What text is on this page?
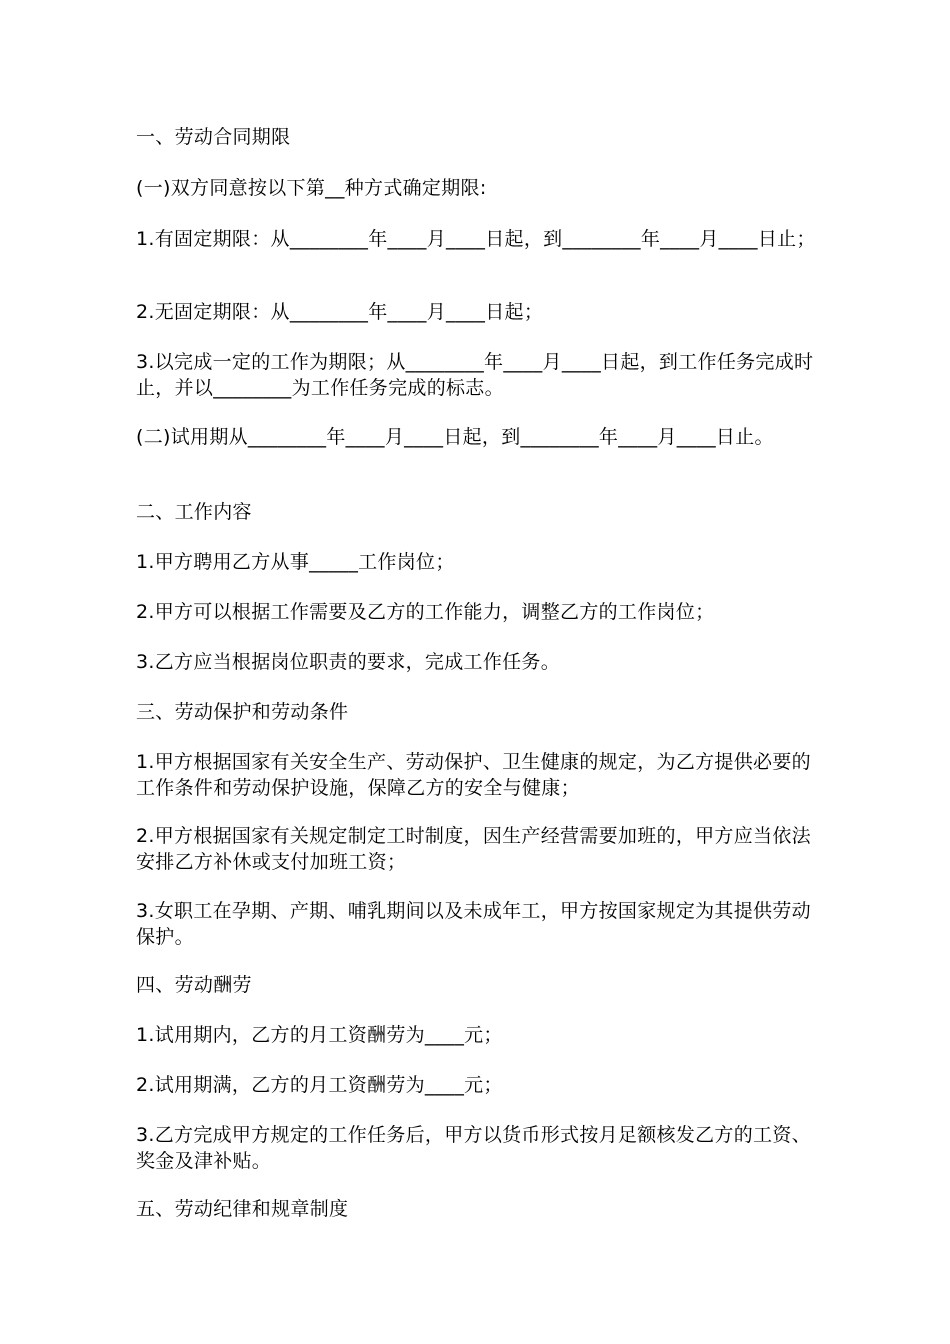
一、劳动合同期限

(一)双方同意按以下第__种方式确定期限:

1.有固定期限：从________年____月____日起，到________年____月____日止；

2.无固定期限：从________年____月____日起；

3.以完成一定的工作为期限；从________年____月____日起，到工作任务完成时止，并以________为工作任务完成的标志。

(二)试用期从________年____月____日起，到________年____月____日止。

二、工作内容

1.甲方聘用乙方从事_____工作岗位；

2.甲方可以根据工作需要及乙方的工作能力，调整乙方的工作岗位；

3.乙方应当根据岗位职责的要求，完成工作任务。

三、劳动保护和劳动条件

1.甲方根据国家有关安全生产、劳动保护、卫生健康的规定，为乙方提供必要的工作条件和劳动保护设施，保障乙方的安全与健康；

2.甲方根据国家有关规定制定工时制度，因生产经营需要加班的，甲方应当依法安排乙方补休或支付加班工资；

3.女职工在孕期、产期、哺乳期间以及未成年工，甲方按国家规定为其提供劳动保护。

四、劳动酬劳

1.试用期内，乙方的月工资酬劳为____元；

2.试用期满，乙方的月工资酬劳为____元；

3.乙方完成甲方规定的工作任务后，甲方以货币形式按月足额核发乙方的工资、奖金及津补贴。

五、劳动纪律和规章制度
